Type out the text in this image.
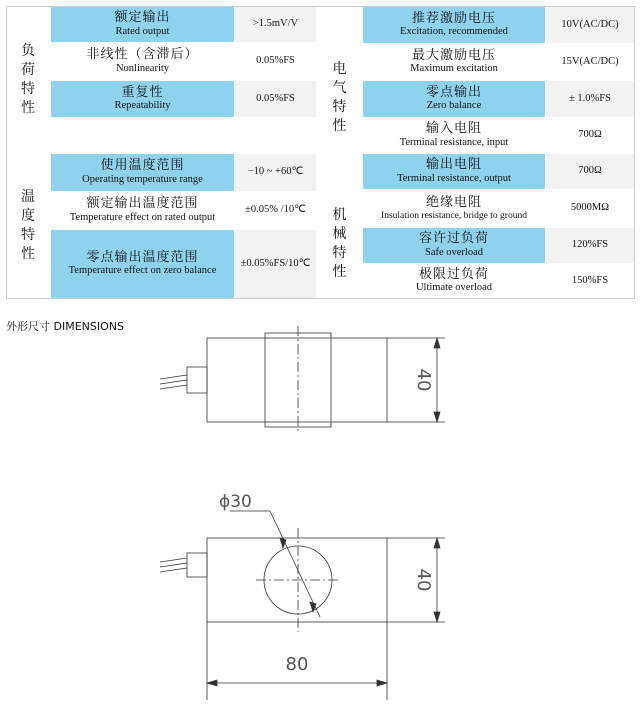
负荷特性
温度特性
额定输出
Rated output
>1.5mV/V
非线性（含滞后）
Nonlinearity
0.05%FS
重复性
Repeatability
0.05%FS
使用温度范围
Operating temperature range
−10 ~ +60℃
额定输出温度范围
Temperature effect on rated output
±0.05% /10℃
零点输出温度范围
Temperature effect on zero balance
±0.05%FS/10℃
电气特性
机械特性
推荐激励电压
Excitation, recommended
10V(AC/DC)
最大激励电压
Maximum excitation
15V(AC/DC)
零点输出
Zero balance
± 1.0%FS
输入电阻
Terminal resistance, input
700Ω
输出电阻
Terminal resistance, output
700Ω
绝缘电阻
Insulation resistance, bridge to ground
5000MΩ
容许过负荷
Safe overload
120%FS
极限过负荷
Ultimate overload
150%FS
外形尺寸 DIMENSIONS
40
40
ϕ30
80
